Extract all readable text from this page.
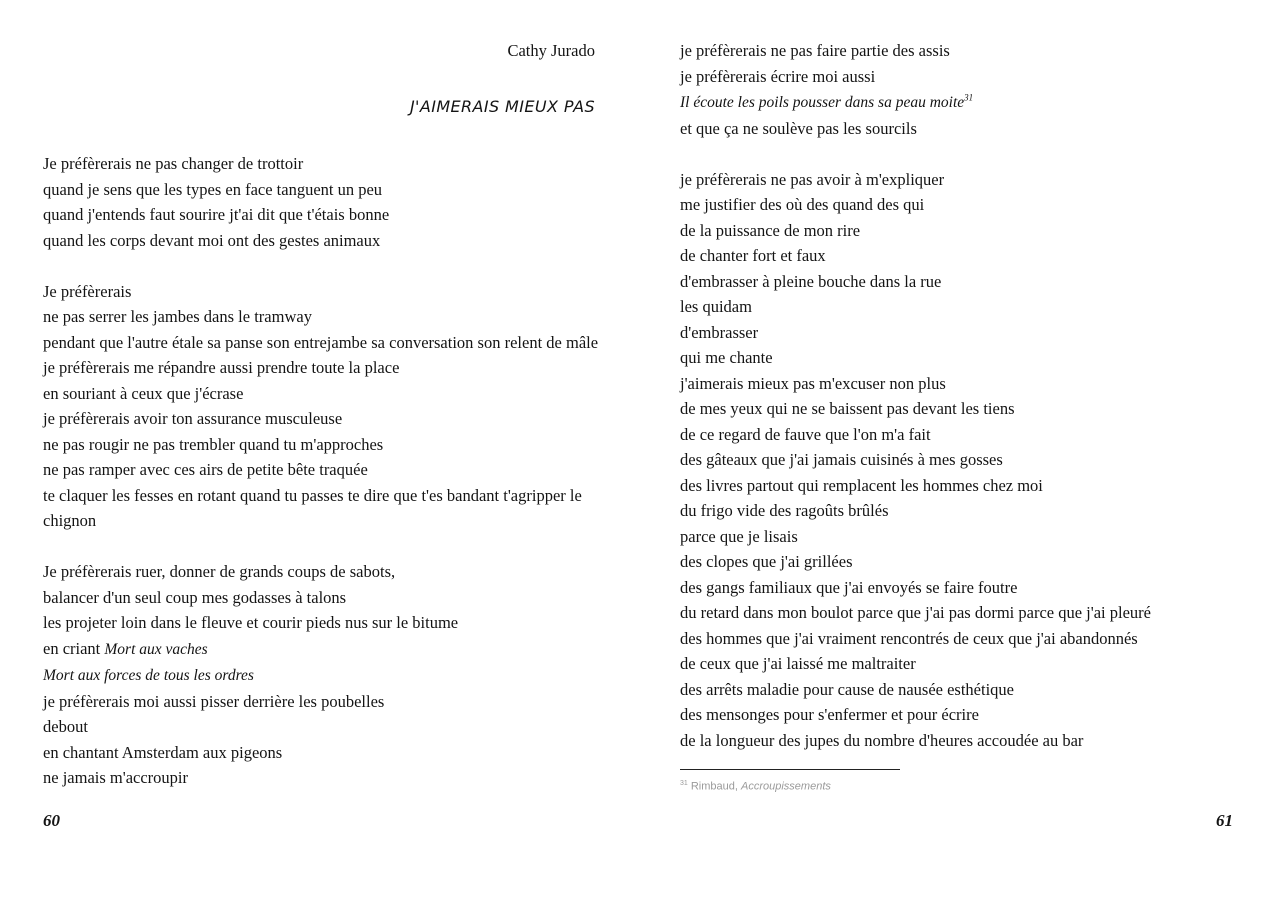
Cathy Jurado
J'AIMERAIS MIEUX PAS
Je préfèrerais ne pas changer de trottoir
quand je sens que les types en face tanguent un peu
quand j'entends faut sourire jt'ai dit que t'étais bonne
quand les corps devant moi ont des gestes animaux
Je préfèrerais
ne pas serrer les jambes dans le tramway
pendant que l'autre étale sa panse son entrejambe sa conversation son relent de mâle
je préfèrerais me répandre aussi prendre toute la place
en souriant à ceux que j'écrase
je préfèrerais avoir ton assurance musculeuse
ne pas rougir ne pas trembler quand tu m'approches
ne pas ramper avec ces airs de petite bête traquée
te claquer les fesses en rotant quand tu passes te dire que t'es bandant t'agripper le chignon
Je préfèrerais ruer, donner de grands coups de sabots,
balancer d'un seul coup mes godasses à talons
les projeter loin dans le fleuve et courir pieds nus sur le bitume
en criant Mort aux vaches
Mort aux forces de tous les ordres
je préfèrerais moi aussi pisser derrière les poubelles
debout
en chantant Amsterdam aux pigeons
ne jamais m'accroupir
60
je préfèrerais ne pas faire partie des assis
je préfèrerais écrire moi aussi
Il écoute les poils pousser dans sa peau moite$^{31}$
et que ça ne soulève pas les sourcils
je préfèrerais ne pas avoir à m'expliquer
me justifier des où des quand des qui
de la puissance de mon rire
de chanter fort et faux
d'embrasser à pleine bouche dans la rue
les quidam
d'embrasser
qui me chante
j'aimerais mieux pas m'excuser non plus
de mes yeux qui ne se baissent pas devant les tiens
de ce regard de fauve que l'on m'a fait
des gâteaux que j'ai jamais cuisinés à mes gosses
des livres partout qui remplacent les hommes chez moi
du frigo vide des ragoûts brûlés
parce que je lisais
des clopes que j'ai grillées
des gangs familiaux que j'ai envoyés se faire foutre
du retard dans mon boulot parce que j'ai pas dormi parce que j'ai pleuré
des hommes que j'ai vraiment rencontrés de ceux que j'ai abandonnés
de ceux que j'ai laissé me maltraiter
des arrêts maladie pour cause de nausée esthétique
des mensonges pour s'enfermer et pour écrire
de la longueur des jupes du nombre d'heures accoudée au bar
$^{31}$ Rimbaud, Accroupissements
61
